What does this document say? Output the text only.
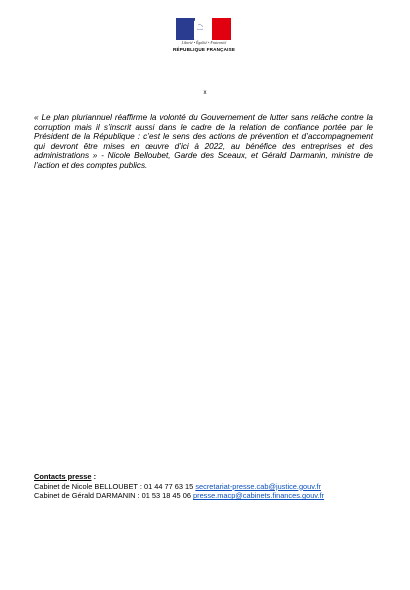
Liberté • Égalité • Fraternité
RÉPUBLIQUE FRANÇAISE
x

« Le plan pluriannuel réaffirme la volonté du Gouvernement de lutter sans relâche contre la corruption mais il s’inscrit aussi dans le cadre de la relation de confiance portée par le Président de la République : c’est le sens des actions de prévention et d’accompagnement qui devront être mises en œuvre d’ici à 2022, au bénéfice des entreprises et des administrations » - Nicole Belloubet, Garde des Sceaux, et Gérald Darmanin, ministre de l’action et des comptes publics.

Contacts presse :
Cabinet de Nicole BELLOUBET : 01 44 77 63 15 secretariat-presse.cab@justice.gouv.fr
Cabinet de Gérald DARMANIN : 01 53 18 45 06 presse.macp@cabinets.finances.gouv.fr
